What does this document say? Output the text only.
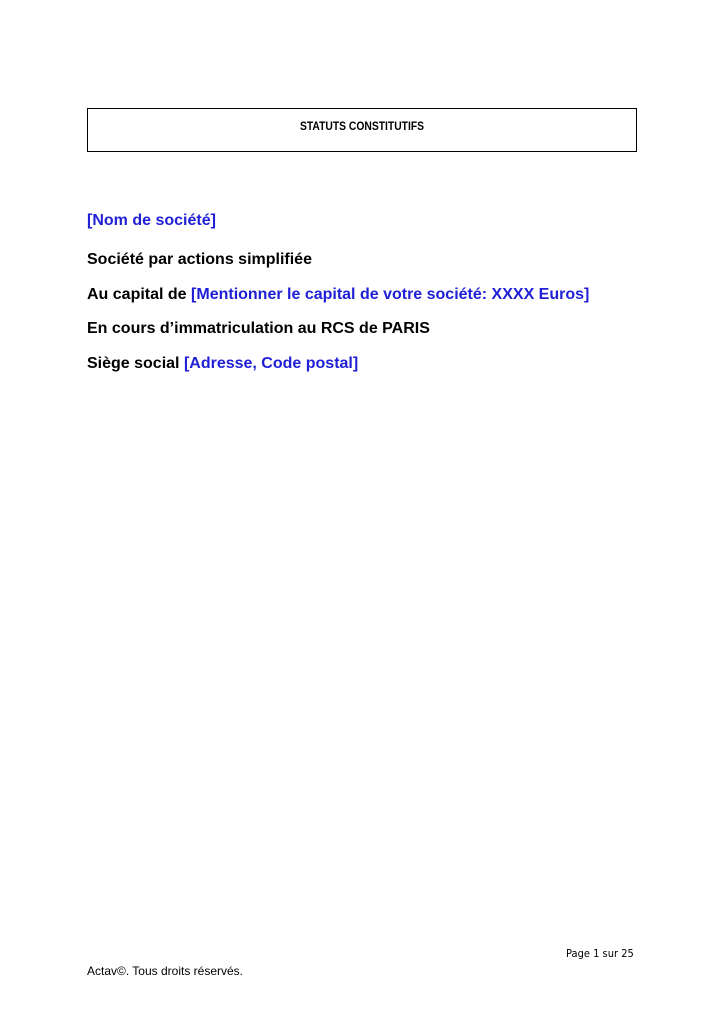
STATUTS CONSTITUTIFS
[Nom de société]
Société par actions simplifiée
Au capital de [Mentionner le capital de votre société: XXXX Euros]
En cours d’immatriculation au RCS de PARIS
Siège social [Adresse, Code postal]
Page 1 sur 25
Actav©. Tous droits réservés.
